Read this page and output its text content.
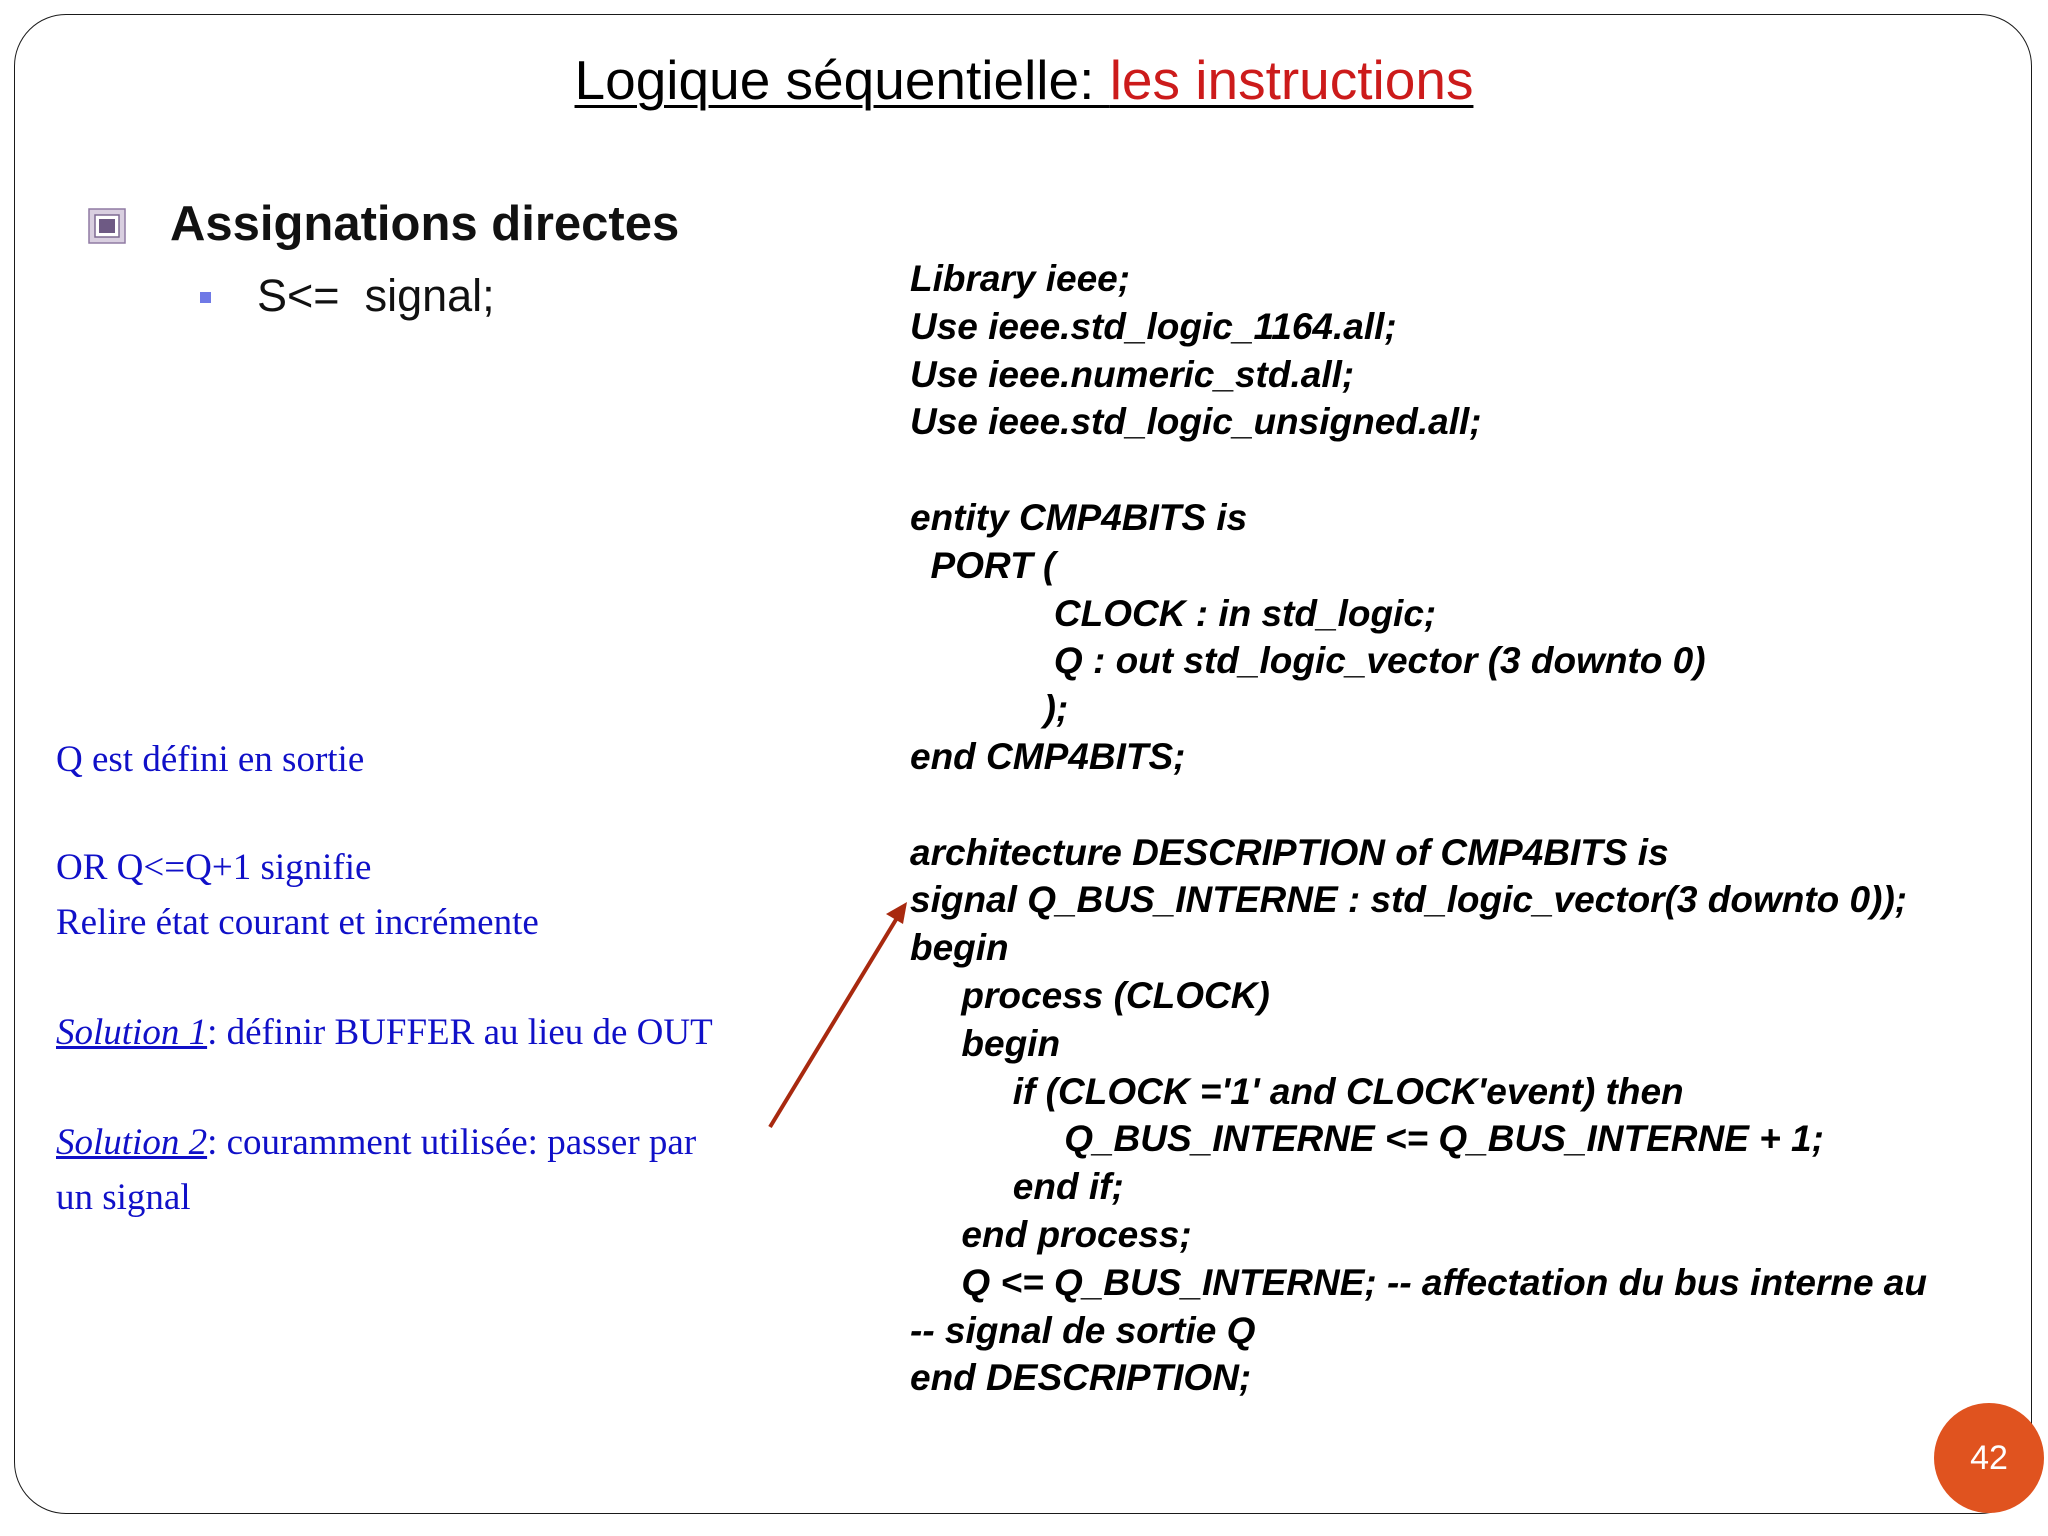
Logique séquentielle: les instructions
Assignations directes
S<=  signal;	Library ieee;
Use ieee.std_logic_1164.all;
Use ieee.numeric_std.all;
Use ieee.std_logic_unsigned.all;
entity CMP4BITS is
PORT (
CLOCK : in std_logic;
Q : out std_logic_vector (3 downto 0)
);
end CMP4BITS;
architecture DESCRIPTION of CMP4BITS is
signal Q_BUS_INTERNE : std_logic_vector(3 downto 0));
begin
process (CLOCK)
begin
if (CLOCK ='1' and CLOCK'event) then
Q_BUS_INTERNE <= Q_BUS_INTERNE + 1;
end if;
end process;
Q <= Q_BUS_INTERNE; -- affectation du bus interne au
-- signal de sortie Q
end DESCRIPTION;
Q est défini en sortie
OR Q<=Q+1 signifie
Relire état courant et incrémente
Solution 1: définir BUFFER au lieu de OUT
Solution 2: couramment utilisée: passer par
un signal
42
